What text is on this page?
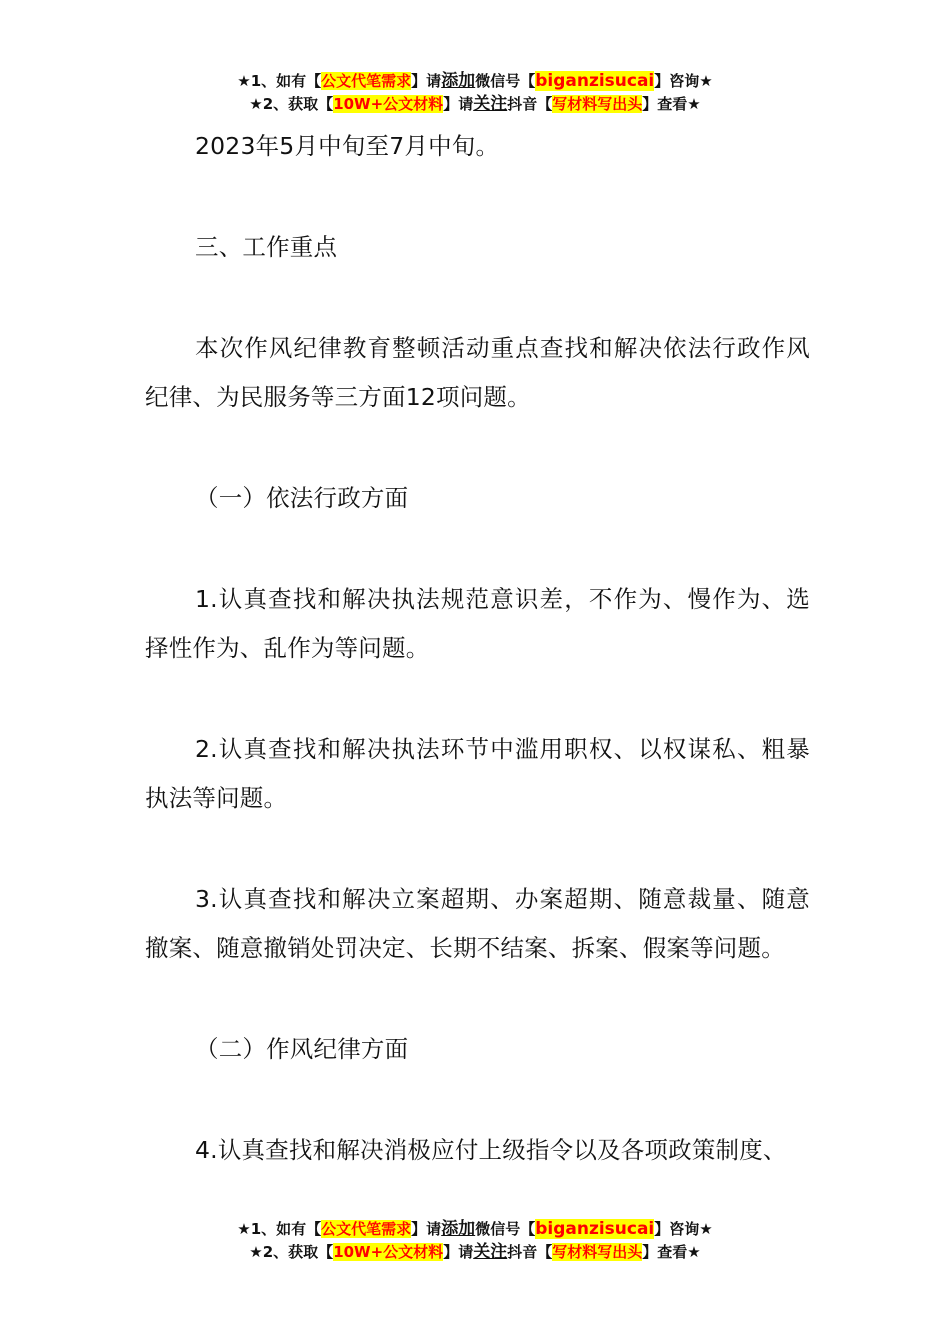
★1、如有【公文代笔需求】请添加微信号【biganzisucai】咨询★
★2、获取【10W+公文材料】请关注抖音【写材料写出头】查看★

2023年5月中旬至7月中旬。

三、工作重点

本次作风纪律教育整顿活动重点查找和解决依法行政作风纪律、为民服务等三方面12项问题。

（一）依法行政方面

1.认真查找和解决执法规范意识差，不作为、慢作为、选择性作为、乱作为等问题。

2.认真查找和解决执法环节中滥用职权、以权谋私、粗暴执法等问题。

3.认真查找和解决立案超期、办案超期、随意裁量、随意撤案、随意撤销处罚决定、长期不结案、拆案、假案等问题。

（二）作风纪律方面

4.认真查找和解决消极应付上级指令以及各项政策制度、

★1、如有【公文代笔需求】请添加微信号【biganzisucai】咨询★
★2、获取【10W+公文材料】请关注抖音【写材料写出头】查看★
